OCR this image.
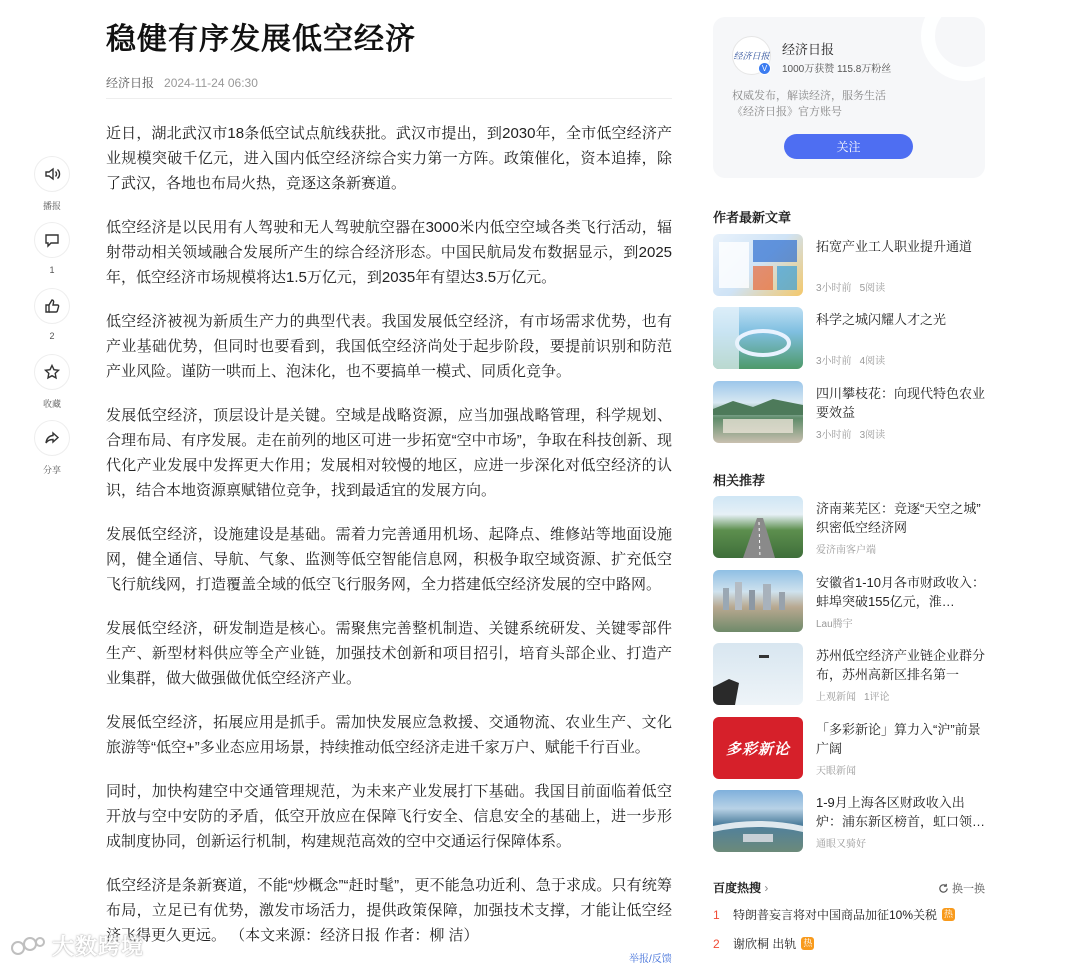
稳健有序发展低空经济
经济日报 2024-11-24 06:30

近日，湖北武汉市18条低空试点航线获批。武汉市提出，到2030年，全市低空经济产业规模突破千亿元，进入国内低空经济综合实力第一方阵。政策催化，资本追捧，除了武汉，各地也布局火热，竞逐这条新赛道。

低空经济是以民用有人驾驶和无人驾驶航空器在3000米内低空空域各类飞行活动，辐射带动相关领域融合发展所产生的综合经济形态。中国民航局发布数据显示，到2025年，低空经济市场规模将达1.5万亿元，到2035年有望达3.5万亿元。

低空经济被视为新质生产力的典型代表。我国发展低空经济，有市场需求优势，也有产业基础优势，但同时也要看到，我国低空经济尚处于起步阶段，要提前识别和防范产业风险。谨防一哄而上、泡沫化，也不要搞单一模式、同质化竞争。

发展低空经济，顶层设计是关键。空域是战略资源，应当加强战略管理，科学规划、合理布局、有序发展。走在前列的地区可进一步拓宽“空中市场”，争取在科技创新、现代化产业发展中发挥更大作用；发展相对较慢的地区，应进一步深化对低空经济的认识，结合本地资源禀赋错位竞争，找到最适宜的发展方向。

发展低空经济，设施建设是基础。需着力完善通用机场、起降点、维修站等地面设施网，健全通信、导航、气象、监测等低空智能信息网，积极争取空域资源、扩充低空飞行航线网，打造覆盖全域的低空飞行服务网，全力搭建低空经济发展的空中路网。

发展低空经济，研发制造是核心。需聚焦完善整机制造、关键系统研发、关键零部件生产、新型材料供应等全产业链，加强技术创新和项目招引，培育头部企业、打造产业集群，做大做强做优低空经济产业。

发展低空经济，拓展应用是抓手。需加快发展应急救援、交通物流、农业生产、文化旅游等“低空+”多业态应用场景，持续推动低空经济走进千家万户、赋能千行百业。

同时，加快构建空中交通管理规范，为未来产业发展打下基础。我国目前面临着低空开放与空中安防的矛盾，低空开放应在保障飞行安全、信息安全的基础上，进一步形成制度协同，创新运行机制，构建规范高效的空中交通运行保障体系。

低空经济是条新赛道，不能“炒概念”“赶时髦”，更不能急功近利、急于求成。只有统筹布局，立足已有优势，激发市场活力，提供政策保障，加强技术支撑，才能让低空经济飞得更久更远。 （本文来源：经济日报 作者：柳 洁）

举报/反馈
播报
1
2
收藏
分享
大数跨境
经济日报
V
经济日报
1000万获赞 115.8万粉丝
权威发布，解读经济，服务生活
《经济日报》官方账号
关注
作者最新文章
拓宽产业工人职业提升通道
3小时前 5阅读
科学之城闪耀人才之光
3小时前 4阅读
四川攀枝花：向现代特色农业要效益
3小时前 3阅读
相关推荐
济南莱芜区：竞逐“天空之城” 织密低空经济网
爱济南客户端
安徽省1-10月各市财政收入：蚌埠突破155亿元，淮…
Lau腾宇
苏州低空经济产业链企业群分布，苏州高新区排名第一
上观新闻 1评论
多彩新论
「多彩新论」算力入“沪”前景广阔
天眼新闻
1-9月上海各区财政收入出炉：浦东新区榜首，虹口领…
通眼又骑好
百度热搜 ›	换一换
1	特朗普妄言将对中国商品加征10%关税 热
2	谢欣桐 出轨 热
